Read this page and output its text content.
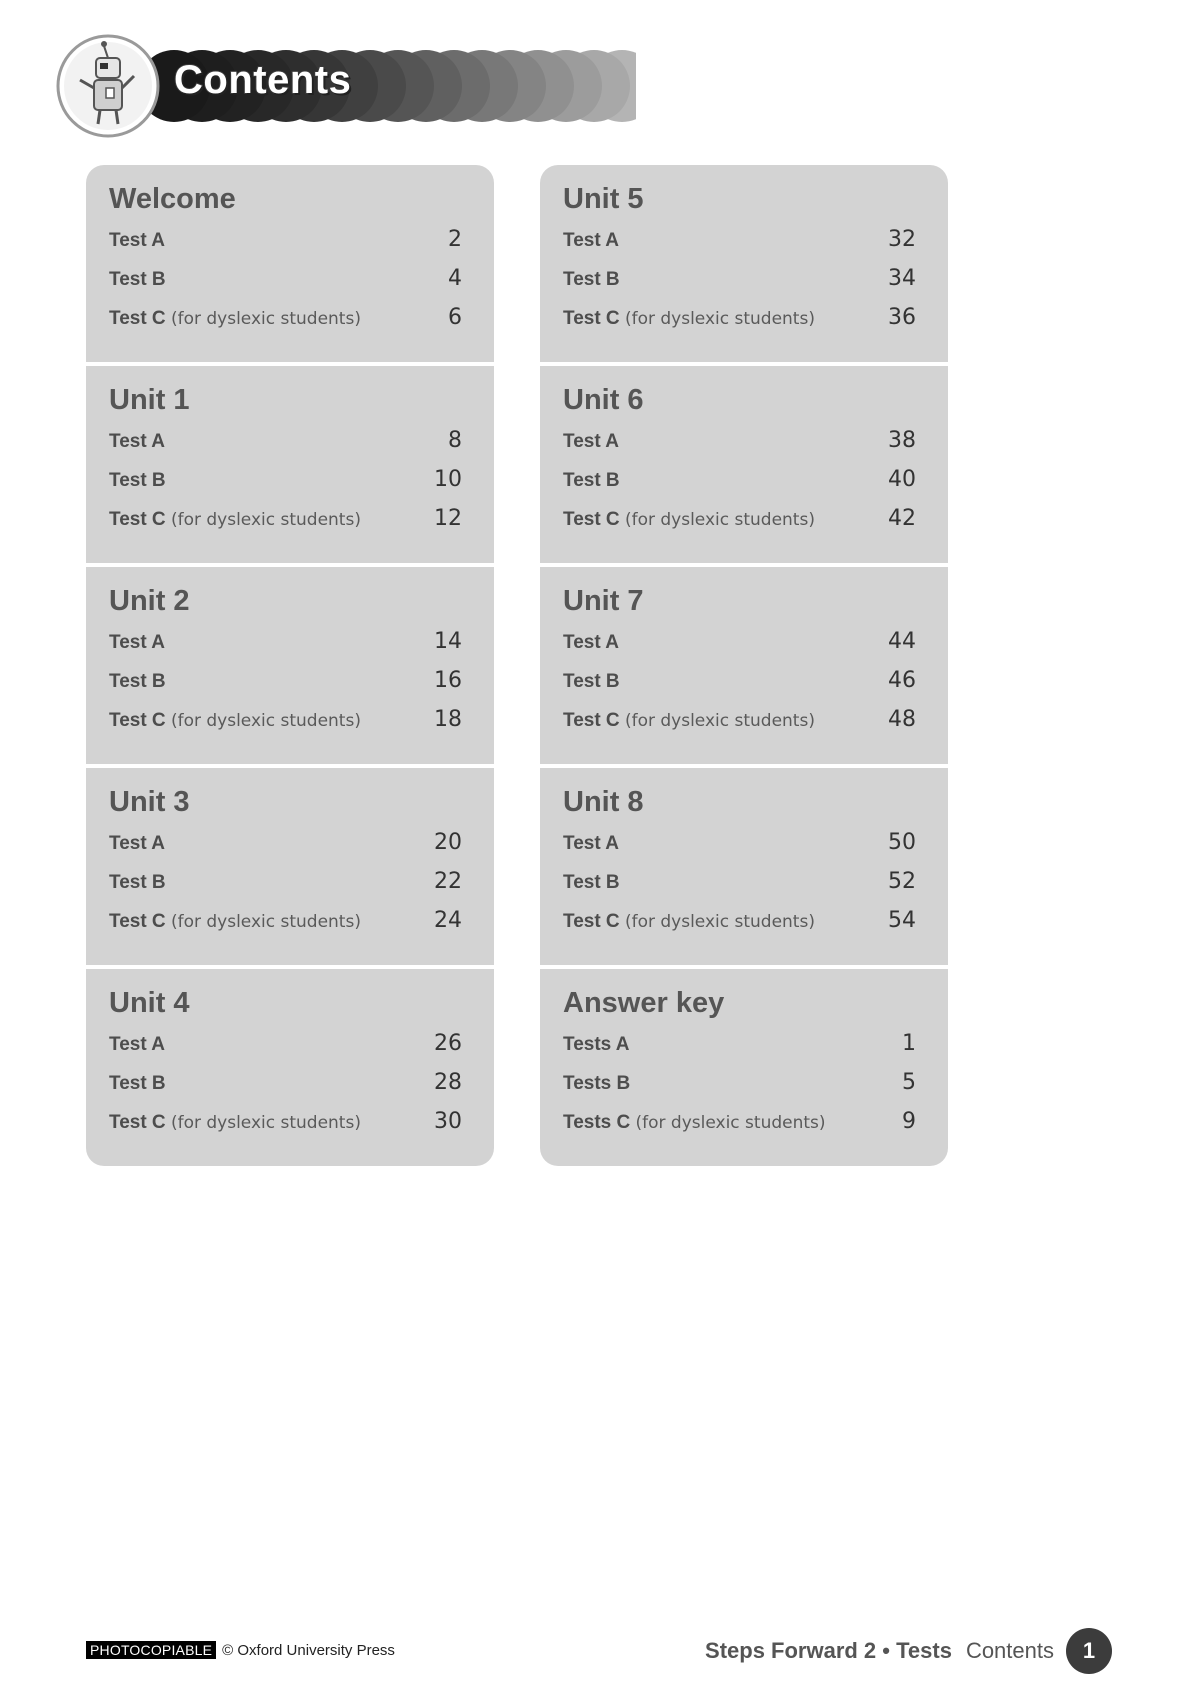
Contents
Welcome
Test A	2
Test B	4
Test C (for dyslexic students)	6
Unit 1
Test A	8
Test B	10
Test C (for dyslexic students)	12
Unit 2
Test A	14
Test B	16
Test C (for dyslexic students)	18
Unit 3
Test A	20
Test B	22
Test C (for dyslexic students)	24
Unit 4
Test A	26
Test B	28
Test C (for dyslexic students)	30
Unit 5
Test A	32
Test B	34
Test C (for dyslexic students)	36
Unit 6
Test A	38
Test B	40
Test C (for dyslexic students)	42
Unit 7
Test A	44
Test B	46
Test C (for dyslexic students)	48
Unit 8
Test A	50
Test B	52
Test C (for dyslexic students)	54
Answer key
Tests A	1
Tests B	5
Tests C (for dyslexic students)	9
PHOTOCOPIABLE © Oxford University Press	Steps Forward 2 • Tests Contents	1
